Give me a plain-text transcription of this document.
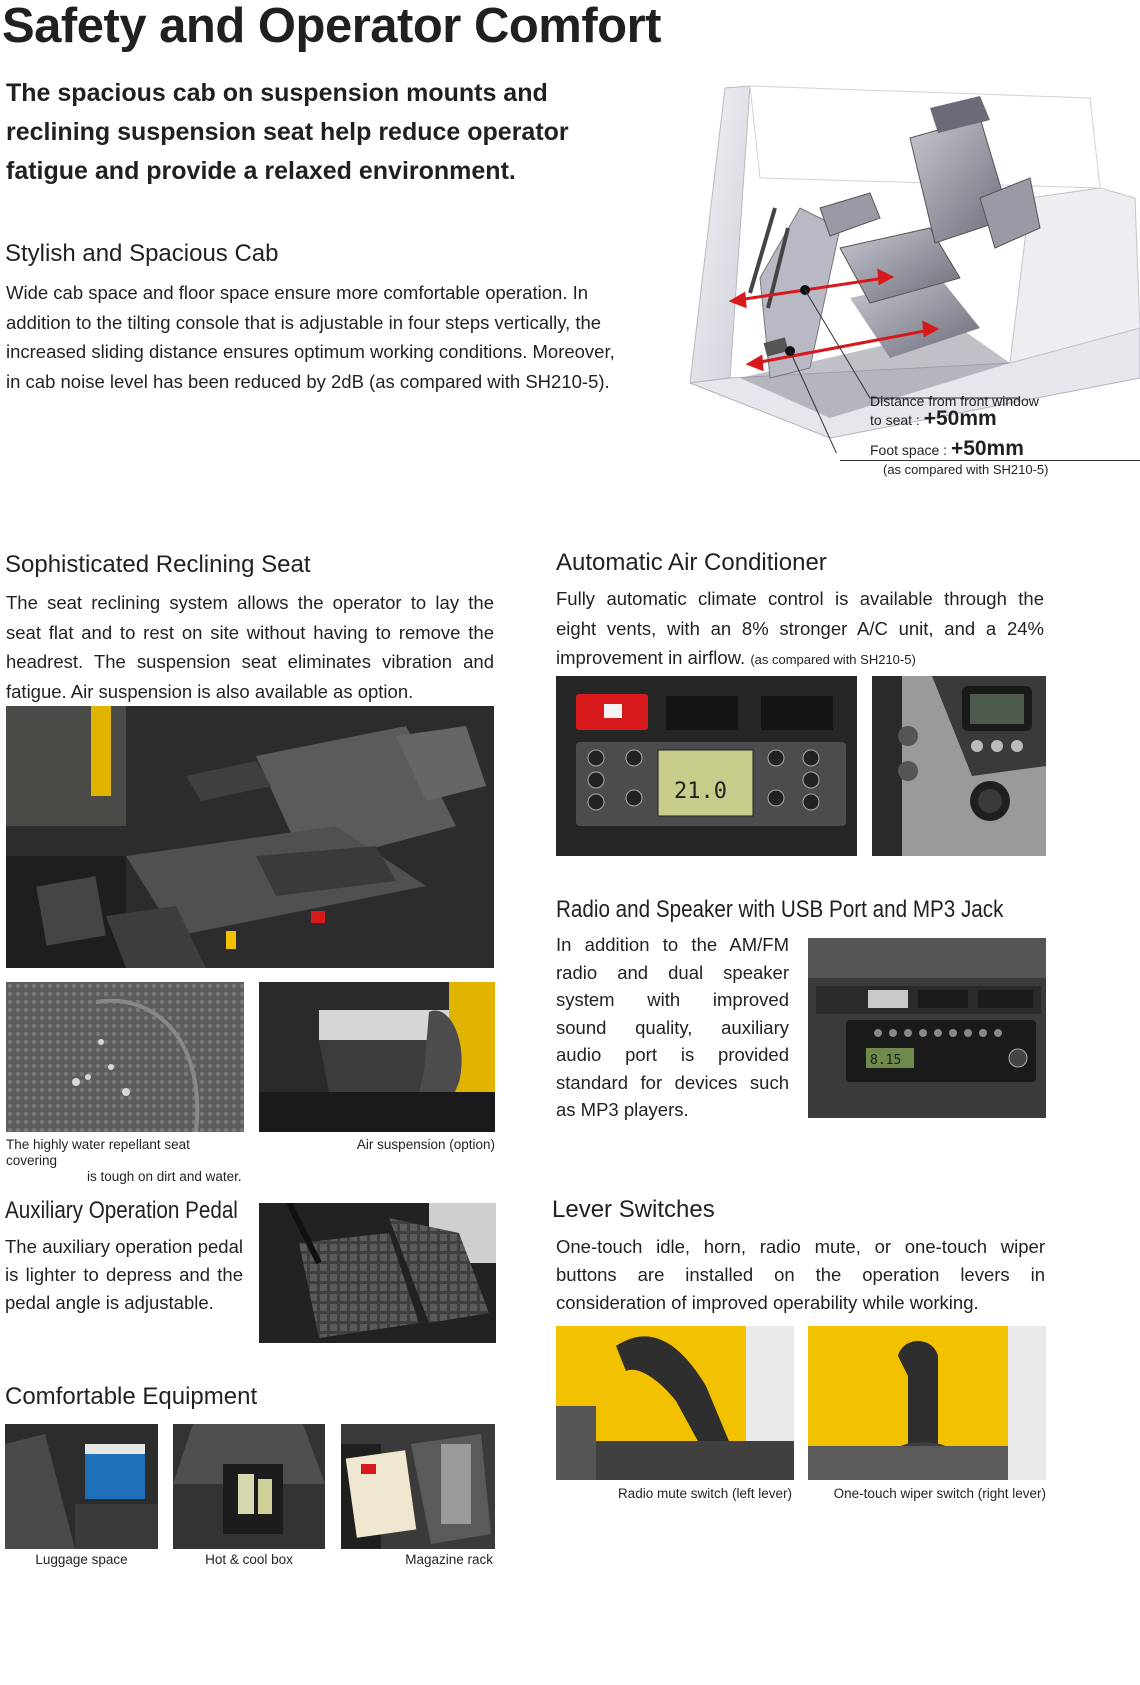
Safety and Operator Comfort
The spacious cab on suspension mounts and reclining suspension seat help reduce operator fatigue and provide a relaxed environment.
Stylish and Spacious Cab
Wide cab space and floor space ensure more comfortable operation. In addition to the tilting console that is adjustable in four steps vertically, the increased sliding distance ensures optimum working conditions. Moreover, in cab noise level has been reduced by 2dB (as compared with SH210-5).
Distance from front window
to seat : +50mm
Foot space : +50mm
(as compared with SH210-5)
Sophisticated Reclining Seat
The seat reclining system allows the operator to lay the seat flat and to rest on site without having to remove the headrest. The suspension seat eliminates vibration and fatigue. Air suspension is also available as option.
The highly water repellant seat covering
is tough on dirt and water.
Air suspension (option)
Automatic Air Conditioner
Fully automatic climate control is available through the eight vents, with an 8% stronger A/C unit, and a 24% improvement in airflow. (as compared with SH210-5)
21.0
Radio and Speaker with USB Port and MP3 Jack
In addition to the AM/FM radio and dual speaker system with improved sound quality, auxiliary audio port is provided standard for devices such as MP3 players.
8.15
Auxiliary Operation Pedal
The auxiliary operation pedal is lighter to depress and the pedal angle is adjustable.
Lever Switches
One-touch idle, horn, radio mute, or one-touch wiper buttons are installed on the operation levers in consideration of improved operability while working.
Radio mute switch (left lever)	One-touch wiper switch (right lever)
Comfortable Equipment
Luggage space	Hot & cool box	Magazine rack
